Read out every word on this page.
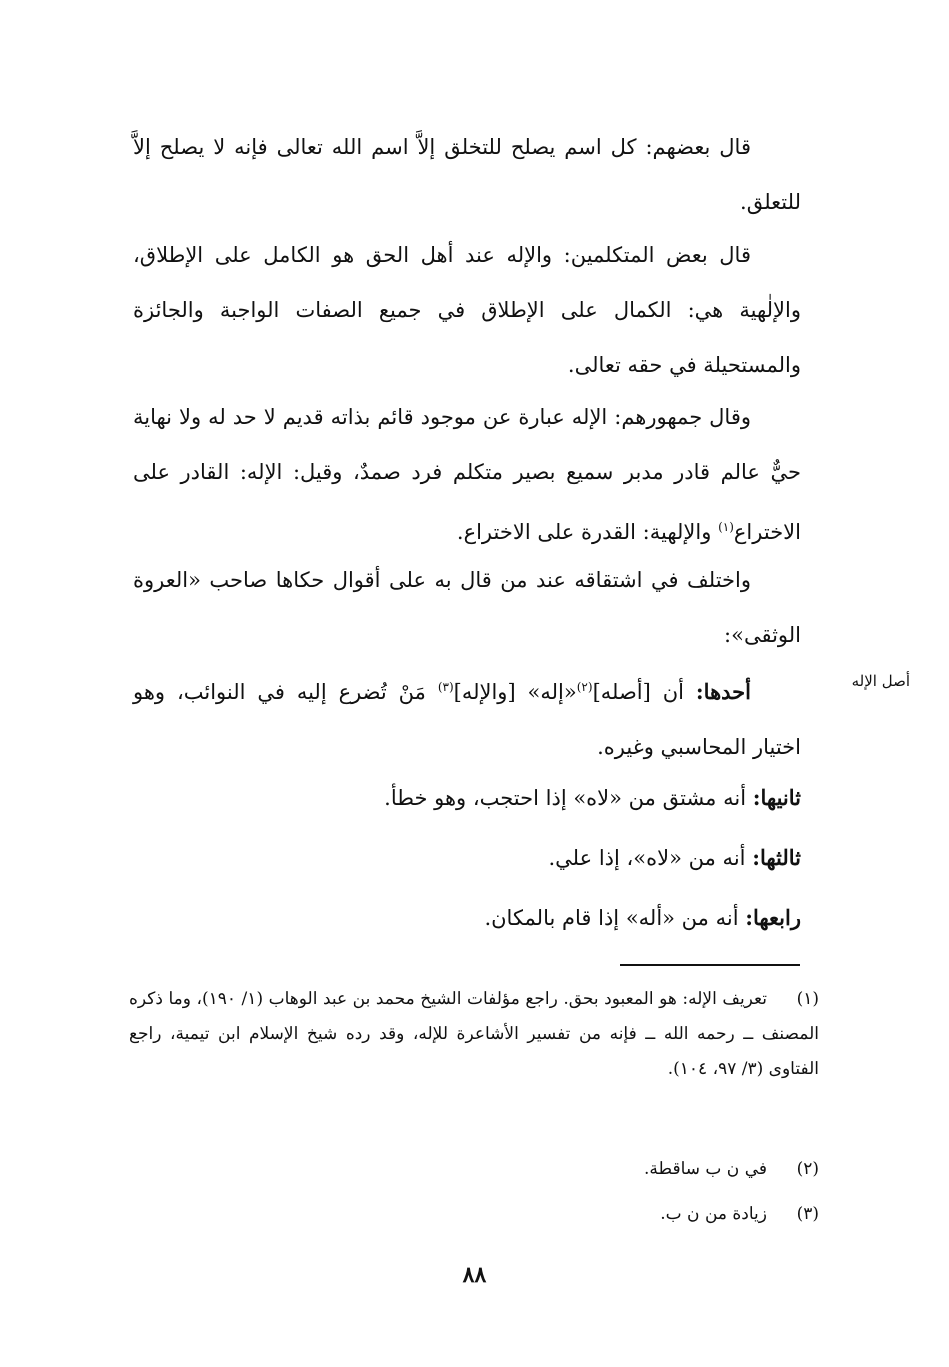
قال بعضهم: كل اسم يصلح للتخلق إلاَّ اسم الله تعالى فإنه لا يصلح إلاَّ للتعلق.
قال بعض المتكلمين: والإله عند أهل الحق هو الكامل على الإطلاق، والإلٰهية هي: الكمال على الإطلاق في جميع الصفات الواجبة والجائزة والمستحيلة في حقه تعالى.
وقال جمهورهم: الإله عبارة عن موجود قائم بذاته قديم لا حد له ولا نهاية حيٌّ عالم قادر مدبر سميع بصير متكلم فرد صمدٌ، وقيل: الإله: القادر على الاختراع$^{(١)}$ والإلهية: القدرة على الاختراع.
واختلف في اشتقاقه عند من قال به على أقوال حكاها صاحب «العروة الوثقى»:
أحدها: أن [أصله]$^{(٢)}$«إله» [والإله]$^{(٣)}$ مَنْ تُضرع إليه في النوائب، وهو اختيار المحاسبي وغيره.
أصل الإله
ثانيها: أنه مشتق من «لاه» إذا احتجب، وهو خطأ.
ثالثها: أنه من «لاه»، إذا علي.
رابعها: أنه من «أله» إذا قام بالمكان.
(١)تعريف الإله: هو المعبود بحق. راجع مؤلفات الشيخ محمد بن عبد الوهاب (١/ ١٩٠)، وما ذكره المصنف ــ رحمه الله ــ فإنه من تفسير الأشاعرة للإله، وقد رده شيخ الإسلام ابن تيمية، راجع الفتاوى (٣/ ٩٧، ١٠٤).
(٢)في ن ب ساقطة.
(٣)زيادة من ن ب.
٨٨
